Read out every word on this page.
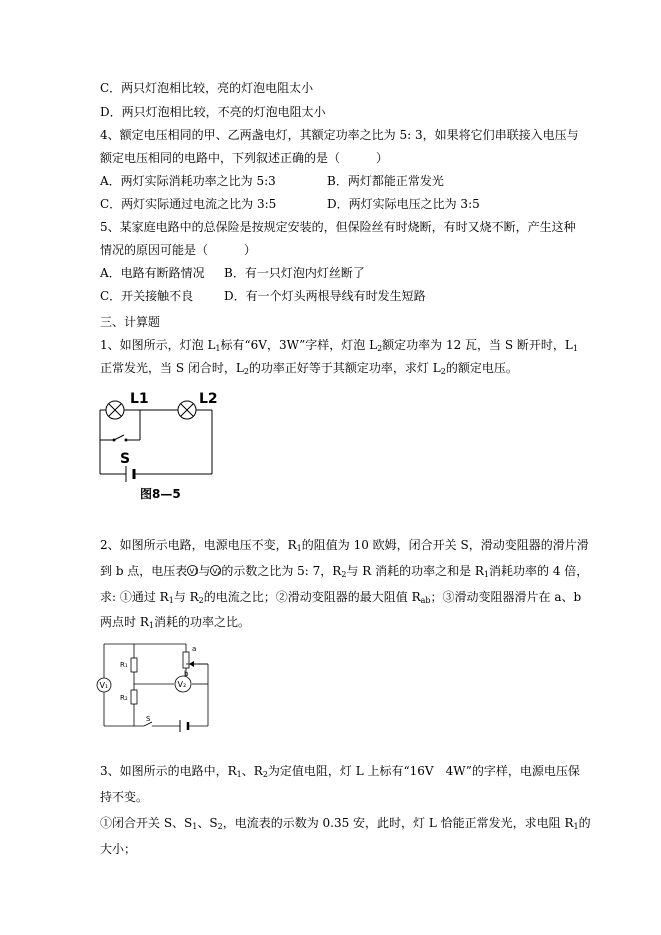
C．两只灯泡相比较，亮的灯泡电阻太小
D．两只灯泡相比较，不亮的灯泡电阻太小
4、额定电压相同的甲、乙两盏电灯，其额定功率之比为 5: 3，如果将它们串联接入电压与
额定电压相同的电路中，下列叙述正确的是（　　　）
A．两灯实际消耗功率之比为 5:3	B．两灯都能正常发光
C．两灯实际通过电流之比为 3:5	D．两灯实际电压之比为 3:5
5、某家庭电路中的总保险是按规定安装的，但保险丝有时烧断，有时又烧不断，产生这种
情况的原因可能是（　　　）
A．电路有断路情况 B．有一只灯泡内灯丝断了
C．开关接触不良	D．有一个灯头两根导线有时发生短路
三、计算题
1、如图所示，灯泡 $L_1$标有“6V，3W”字样，灯泡 $L_2$额定功率为 12 瓦，当 S 断开时，$L_1$
正常发光，当 S 闭合时，$L_2$的功率正好等于其额定功率，求灯 $L_2$的额定电压。
L1	L2
S
图8—5
2、如图所示电路，电源电压不变，$R_1$的阻值为 10 欧姆，闭合开关 S，滑动变阻器的滑片滑
到 b 点，电压表 V1 与 V2 的示数之比为 5: 7，$R_2$与 R 消耗的功率之和是 $R_1$消耗功率的 4 倍，
求: ①通过 $R_1$与 $R_2$的电流之比；②滑动变阻器的最大阻值 $R_{ab}$；③滑动变阻器滑片在 a、b
两点时 $R_1$消耗的功率之比。
V₁	V₂
R₁
R₂
a
b
S
3、如图所示的电路中，$R_1$、$R_2$为定值电阻，灯 L 上标有“16V　4W”的字样，电源电压保
持不变。
①闭合开关 S、$S_1$、$S_2$，电流表的示数为 0.35 安，此时，灯 L 恰能正常发光，求电阻 $R_1$的
大小；
